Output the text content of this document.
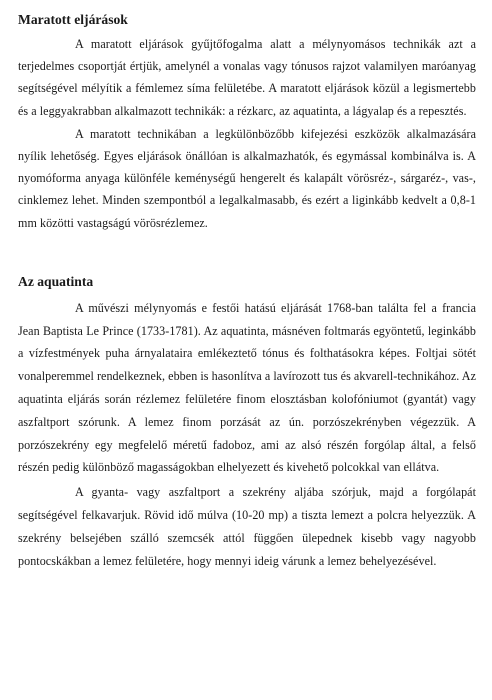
Maratott eljárások

A maratott eljárások gyűjtőfogalma alatt a mélynyomásos technikák azt a terjedelmes csoportját értjük, amelynél a vonalas vagy tónusos rajzot valamilyen maróanyag segítségével mélyítik a fémlemez síma felületébe. A maratott eljárások közül a legismertebb és a leggyakrabban alkalmazott technikák: a rézkarc, az aquatinta, a lágyalap és a repesztés.

A maratott technikában a legkülönbözőbb kifejezési eszközök alkalmazására nyílik lehetőség. Egyes eljárások önállóan is alkalmazhatók, és egymással kombinálva is. A nyomóforma anyaga különféle keménységű hengerelt és kalapált vörösréz-, sárgaréz-, vas-, cinklemez lehet. Minden szempontból a legalkalmasabb, és ezért a liginkább kedvelt a 0,8-1 mm közötti vastagságú vörösrézlemez.

Az aquatinta

A művészi mélynyomás e festői hatású eljárását 1768-ban találta fel a francia Jean Baptista Le Prince (1733-1781). Az aquatinta, másnéven foltmarás egyöntetű, leginkább a vízfestmények puha árnyalataira emlékeztető tónus és folthatásokra képes. Foltjai sötét vonalperemmel rendelkeznek, ebben is hasonlítva a lavírozott tus és akvarell-technikához. Az aquatinta eljárás során rézlemez felületére finom elosztásban kolofóniumot (gyantát) vagy aszfaltport szórunk. A lemez finom porzását az ún. porzószekrényben végezzük. A porzószekrény egy megfelelő méretű fadoboz, ami az alsó részén forgólap által, a felső részén pedig különböző magasságokban elhelyezett és kivehető polcokkal van ellátva.

A gyanta- vagy aszfaltport a szekrény aljába szórjuk, majd a forgólapát segítségével felkavarjuk. Rövid idő múlva (10-20 mp) a tiszta lemezt a polcra helyezzük. A szekrény belsejében szálló szemcsék attól függően ülepednek kisebb vagy nagyobb pontocskákban a lemez felületére, hogy mennyi ideig várunk a lemez behelyezésével.
